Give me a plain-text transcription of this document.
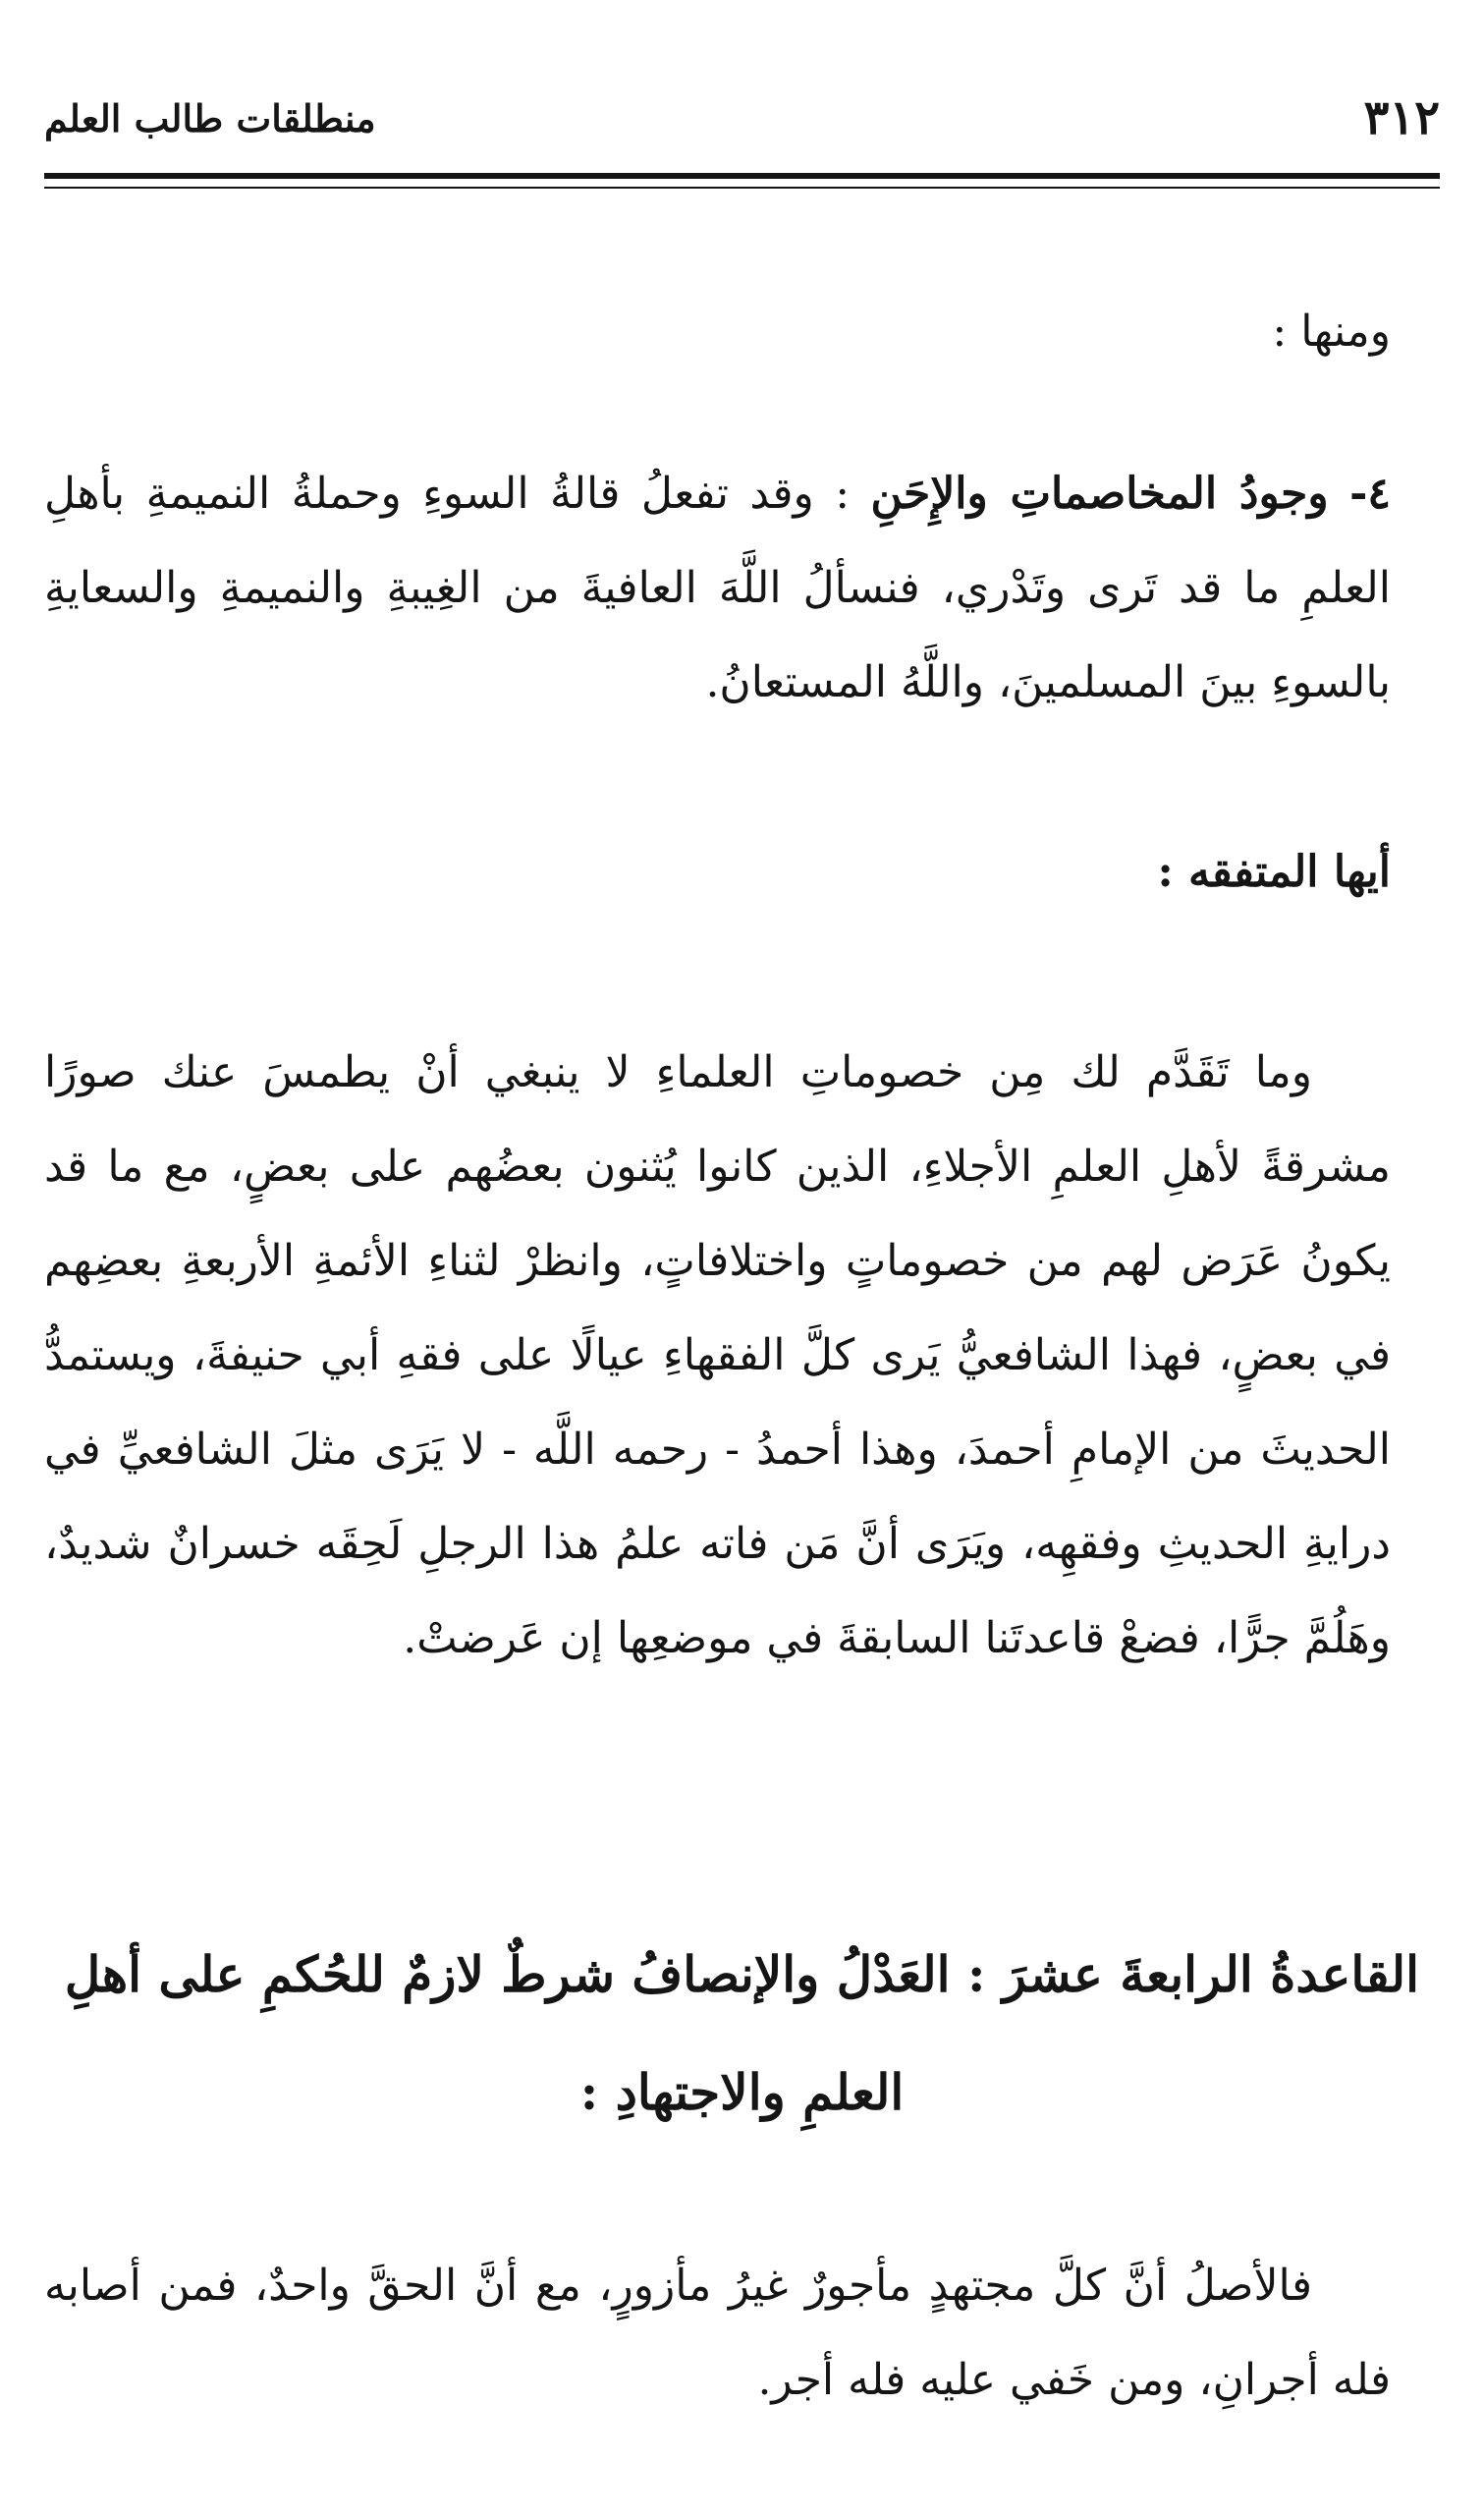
٣١٢
منطلقات طالب العلم
ومنها :
٤- وجودُ المخاصماتِ والإِحَنِ : وقد تفعلُ قالةُ السوءِ وحملةُ النميمةِ بأهلِ العلمِ ما قد تَرى وتَدْري، فنسألُ اللَّهَ العافيةَ من الغِيبةِ والنميمةِ والسعايةِ بالسوءِ بينَ المسلمينَ، واللَّهُ المستعانُ.
أيها المتفقه :

وما تَقَدَّم لك مِن خصوماتِ العلماءِ لا ينبغي أنْ يطمسَ عنك صورًا مشرقةً لأهلِ العلمِ الأجلاءِ، الذين كانوا يُثنون بعضُهم على بعضٍ، مع ما قد يكونُ عَرَض لهم من خصوماتٍ واختلافاتٍ، وانظرْ لثناءِ الأئمةِ الأربعةِ بعضِهم في بعضٍ، فهذا الشافعيُّ يَرى كلَّ الفقهاءِ عيالًا على فقهِ أبي حنيفةَ، ويستمدُّ الحديثَ من الإمامِ أحمدَ، وهذا أحمدُ - رحمه اللَّه - لا يَرَى مثلَ الشافعيِّ في درايةِ الحديثِ وفقهِه، ويَرَى أنَّ مَن فاته علمُ هذا الرجلِ لَحِقَه خسرانٌ شديدٌ، وهَلُمَّ جرًّا، فضعْ قاعدتَنا السابقةَ في موضعِها إن عَرضتْ.

القاعدةُ الرابعةَ عشرَ : العَدْلُ والإنصافُ شرطٌ لازمٌ للحُكمِ على أهلِ العلمِ والاجتهادِ :

فالأصلُ أنَّ كلَّ مجتهدٍ مأجورٌ غيرُ مأزورٍ، مع أنَّ الحقَّ واحدٌ، فمن أصابه فله أجرانِ، ومن خَفي عليه فله أجر.
